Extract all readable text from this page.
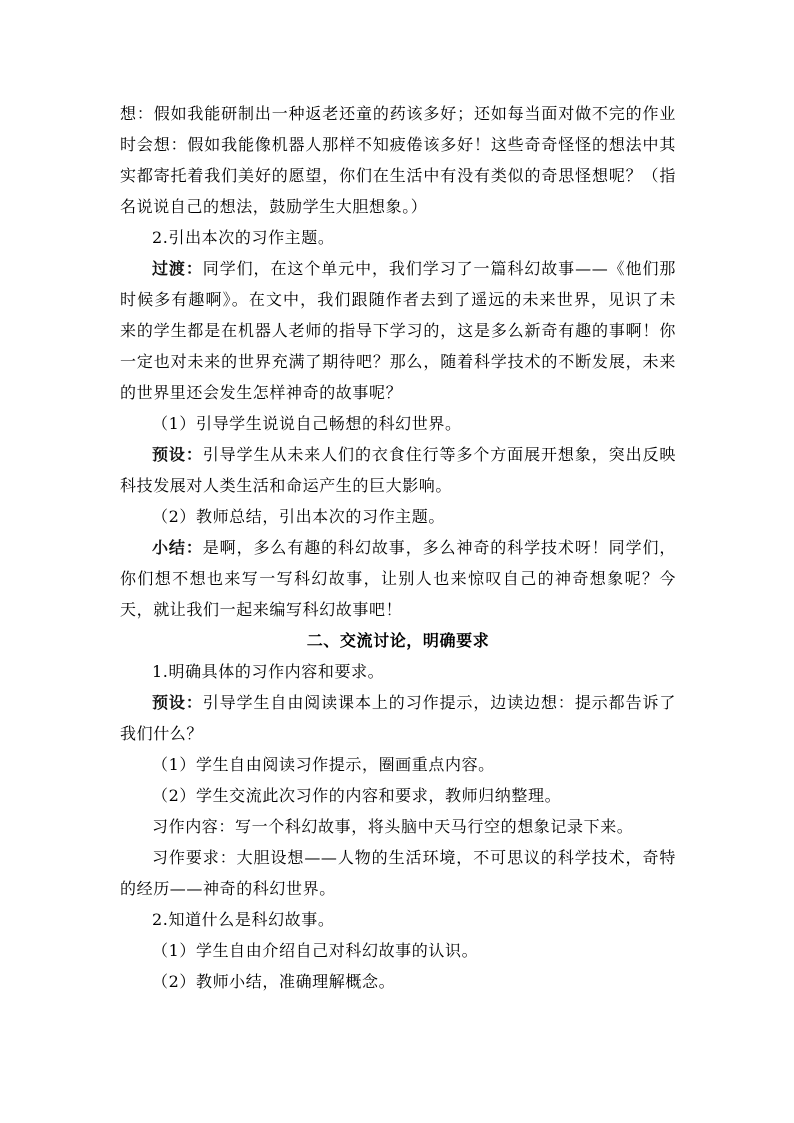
想：假如我能研制出一种返老还童的药该多好；还如每当面对做不完的作业时会想：假如我能像机器人那样不知疲倦该多好！这些奇奇怪怪的想法中其实都寄托着我们美好的愿望，你们在生活中有没有类似的奇思怪想呢？（指名说说自己的想法，鼓励学生大胆想象。）

2.引出本次的习作主题。

过渡：同学们，在这个单元中，我们学习了一篇科幻故事——《他们那时候多有趣啊》。在文中，我们跟随作者去到了遥远的未来世界，见识了未来的学生都是在机器人老师的指导下学习的，这是多么新奇有趣的事啊！你一定也对未来的世界充满了期待吧？那么，随着科学技术的不断发展，未来的世界里还会发生怎样神奇的故事呢？

（1）引导学生说说自己畅想的科幻世界。

预设：引导学生从未来人们的衣食住行等多个方面展开想象，突出反映科技发展对人类生活和命运产生的巨大影响。

（2）教师总结，引出本次的习作主题。

小结：是啊，多么有趣的科幻故事，多么神奇的科学技术呀！同学们，你们想不想也来写一写科幻故事，让别人也来惊叹自己的神奇想象呢？今天，就让我们一起来编写科幻故事吧！

二、交流讨论，明确要求

1.明确具体的习作内容和要求。

预设：引导学生自由阅读课本上的习作提示，边读边想：提示都告诉了我们什么？

（1）学生自由阅读习作提示，圈画重点内容。

（2）学生交流此次习作的内容和要求，教师归纳整理。

习作内容：写一个科幻故事，将头脑中天马行空的想象记录下来。

习作要求：大胆设想——人物的生活环境，不可思议的科学技术，奇特的经历——神奇的科幻世界。

2.知道什么是科幻故事。

（1）学生自由介绍自己对科幻故事的认识。

（2）教师小结，准确理解概念。
